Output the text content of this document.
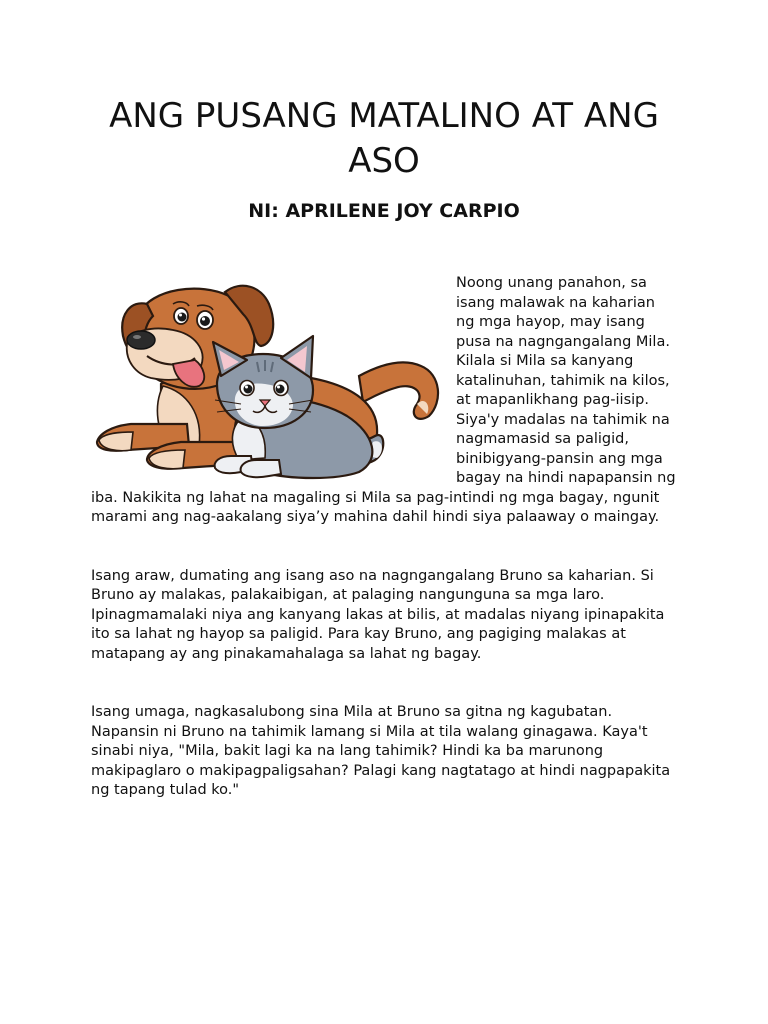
ANG PUSANG MATALINO AT ANG ASO
NI: APRILENE JOY CARPIO
Noong unang panahon, sa isang malawak na kaharian ng mga hayop, may isang pusa na nagngangalang Mila. Kilala si Mila sa kanyang katalinuhan, tahimik na kilos, at mapanlikhang pag-iisip. Siya'y madalas na tahimik na nagmamasid sa paligid, binibigyang-pansin ang mga bagay na hindi napapansin ng iba. Nakikita ng lahat na magaling si Mila sa pag-intindi ng mga bagay, ngunit marami ang nag-aakalang siya’y mahina dahil hindi siya palaaway o maingay.

Isang araw, dumating ang isang aso na nagngangalang Bruno sa kaharian. Si Bruno ay malakas, palakaibigan, at palaging nangunguna sa mga laro. Ipinagmamalaki niya ang kanyang lakas at bilis, at madalas niyang ipinapakita ito sa lahat ng hayop sa paligid. Para kay Bruno, ang pagiging malakas at matapang ay ang pinakamahalaga sa lahat ng bagay.

Isang umaga, nagkasalubong sina Mila at Bruno sa gitna ng kagubatan. Napansin ni Bruno na tahimik lamang si Mila at tila walang ginagawa. Kaya't sinabi niya, "Mila, bakit lagi ka na lang tahimik? Hindi ka ba marunong makipaglaro o makipagpaligsahan? Palagi kang nagtatago at hindi nagpapakita ng tapang tulad ko."
